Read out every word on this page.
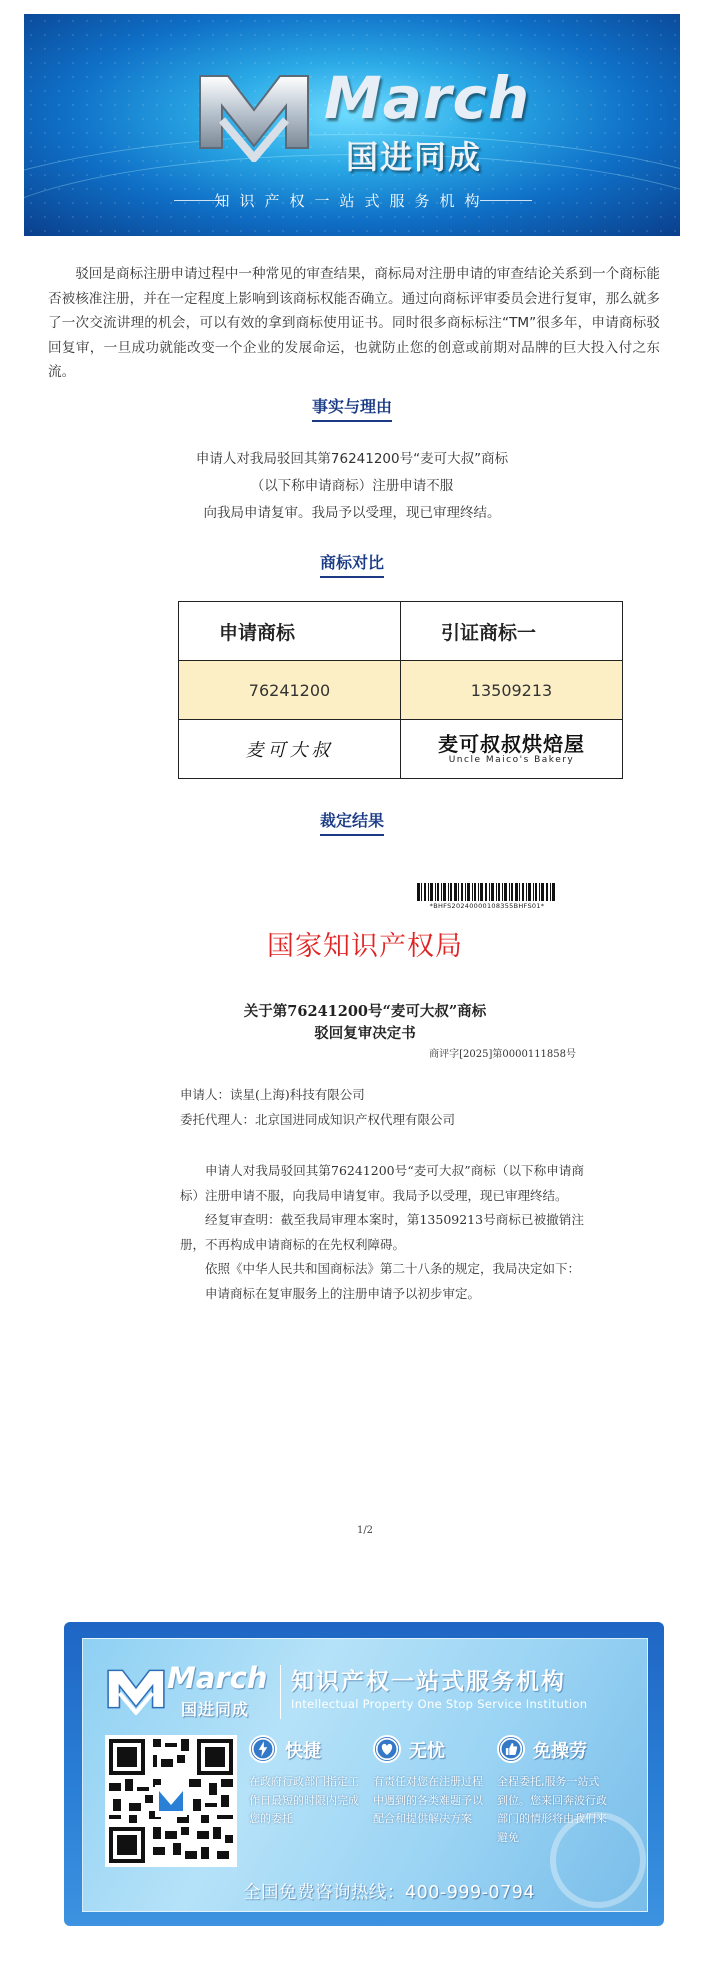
March
国进同成
知识产权一站式服务机构

驳回是商标注册申请过程中一种常见的审查结果，商标局对注册申请的审查结论关系到一个商标能否被核准注册，并在一定程度上影响到该商标权能否确立。通过向商标评审委员会进行复审，那么就多了一次交流讲理的机会，可以有效的拿到商标使用证书。同时很多商标标注“TM”很多年，申请商标驳回复审，一旦成功就能改变一个企业的发展命运，也就防止您的创意或前期对品牌的巨大投入付之东流。

事实与理由
申请人对我局驳回其第76241200号“麦可大叔”商标
（以下称申请商标）注册申请不服
向我局申请复审。我局予以受理，现已审理终结。
商标对比
申请商标	引证商标一
76241200	13509213
麦可大叔	麦可叔叔烘焙屋
Uncle Maico's Bakery
裁定结果
*BHFS20240000108355BHFS01*
国家知识产权局
关于第76241200号“麦可大叔”商标
驳回复审决定书
商评字[2025]第0000111858号
申请人：读星(上海)科技有限公司
委托代理人：北京国进同成知识产权代理有限公司

申请人对我局驳回其第76241200号“麦可大叔”商标（以下称申请商标）注册申请不服，向我局申请复审。我局予以受理，现已审理终结。

经复审查明：截至我局审理本案时，第13509213号商标已被撤销注册，不再构成申请商标的在先权利障碍。

依照《中华人民共和国商标法》第二十八条的规定，我局决定如下：

申请商标在复审服务上的注册申请予以初步审定。

1/2
March
国进同成
知识产权一站式服务机构
Intellectual Property One Stop Service Institution
快捷
在政府行政部门指定工作日最短的时限内完成您的委托
无忧
有责任对您在注册过程中遇到的各类难题予以配合和提供解决方案
免操劳
全程委托,服务一站式到位。您来回奔波行政部门的情形将由我们来避免
全国免费咨询热线：400-999-0794
